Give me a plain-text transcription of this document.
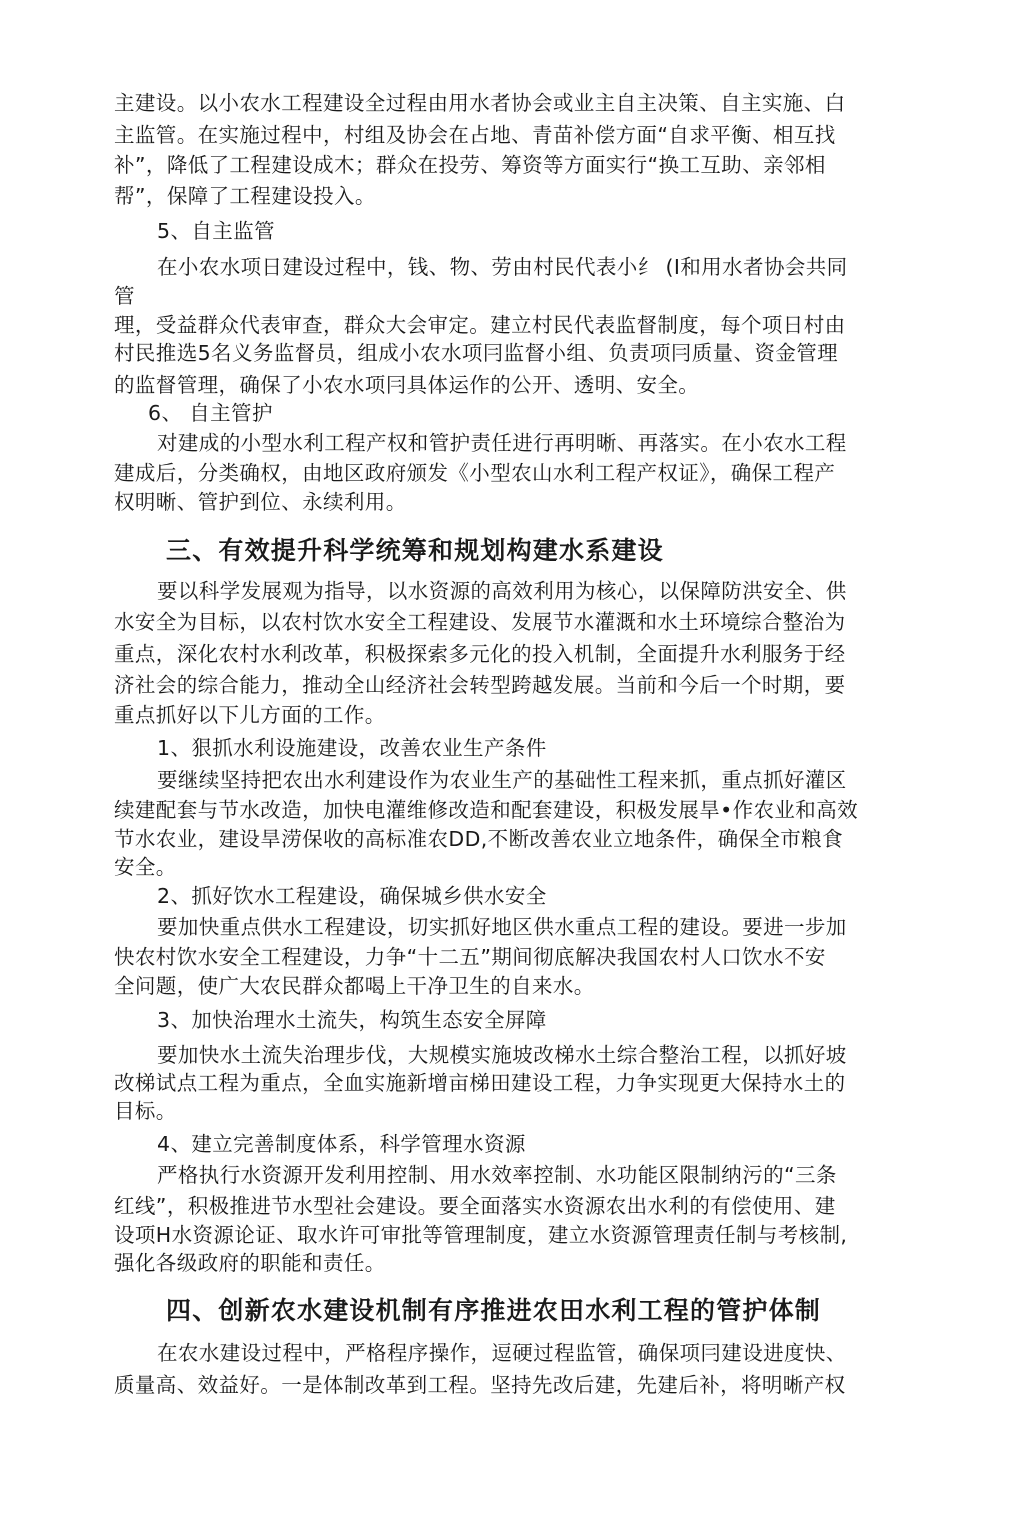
主建设。以小农水工程建设全过程由用水者协会或业主自主决策、自主实施、白
主监管。在实施过程中，村组及协会在占地、青苗补偿方面“自求平衡、相互找
补”，降低了工程建设成木；群众在投劳、筹资等方面实行“换工互助、亲邻相
帮”，保障了工程建设投入。
5、自主监管
在小农水项日建设过程中，钱、物、劳由村民代表小纟 (I和用水者协会共同
管
理，受益群众代表审查，群众大会审定。建立村民代表监督制度，每个项日村由
村民推选5名义务监督员，组成小农水项冃监督小组、负责项冃质量、资金管理
的监督管理，确保了小农水项冃具体运作的公开、透明、安全。
6、 自主管护
对建成的小型水利工程产权和管护责任进行再明晰、再落实。在小农水工程
建成后，分类确权，由地区政府颁发《小型农山水利工程产权证》，确保工程产
权明晰、管护到位、永续利用。
三、有效提升科学统筹和规划构建水系建设
要以科学发展观为指导，以水资源的高效利用为核心，以保障防洪安全、供
水安全为目标，以农村饮水安全工程建设、发展节水灌溉和水土环境综合整治为
重点，深化农村水利改革，积极探索多元化的投入机制，全面提升水利服务于经
济社会的综合能力，推动全山经济社会转型跨越发展。当前和今后一个时期，要
重点抓好以下儿方面的工作。
1、狠抓水利设施建设，改善农业生产条件
要继续坚持把农出水利建设作为农业生产的基础性工程来抓，重点抓好灌区
续建配套与节水改造，加快电灌维修改造和配套建设，积极发展旱•作农业和高效
节水农业，建设旱涝保收的高标准农DD,不断改善农业立地条件，确保全市粮食
安全。
2、抓好饮水工程建设，确保城乡供水安全
要加快重点供水工程建设，切实抓好地区供水重点工程的建设。要进一步加
快农村饮水安全工程建设，力争“十二五”期间彻底解决我国农村人口饮水不安
全问题，使广大农民群众都喝上干净卫生的自来水。
3、加快治理水土流失，构筑生态安全屏障
要加快水土流失治理步伐，大规模实施坡改梯水土综合整治工程，以抓好坡
改梯试点工程为重点，全血实施新增亩梯田建设工程，力争实现更大保持水土的
目标。
4、建立完善制度体系，科学管理水资源
严格执行水资源开发利用控制、用水效率控制、水功能区限制纳污的“三条
红线”，积极推进节水型社会建设。要全面落实水资源农出水利的有偿使用、建
设项H水资源论证、取水许可审批等管理制度，建立水资源管理责任制与考核制,
强化各级政府的职能和责任。
四、创新农水建设机制有序推进农田水利工程的管护体制
在农水建设过程中，严格程序操作，逗硬过程监管，确保项冃建设进度快、
质量高、效益好。一是体制改革到工程。坚持先改后建，先建后补，将明晰产权
